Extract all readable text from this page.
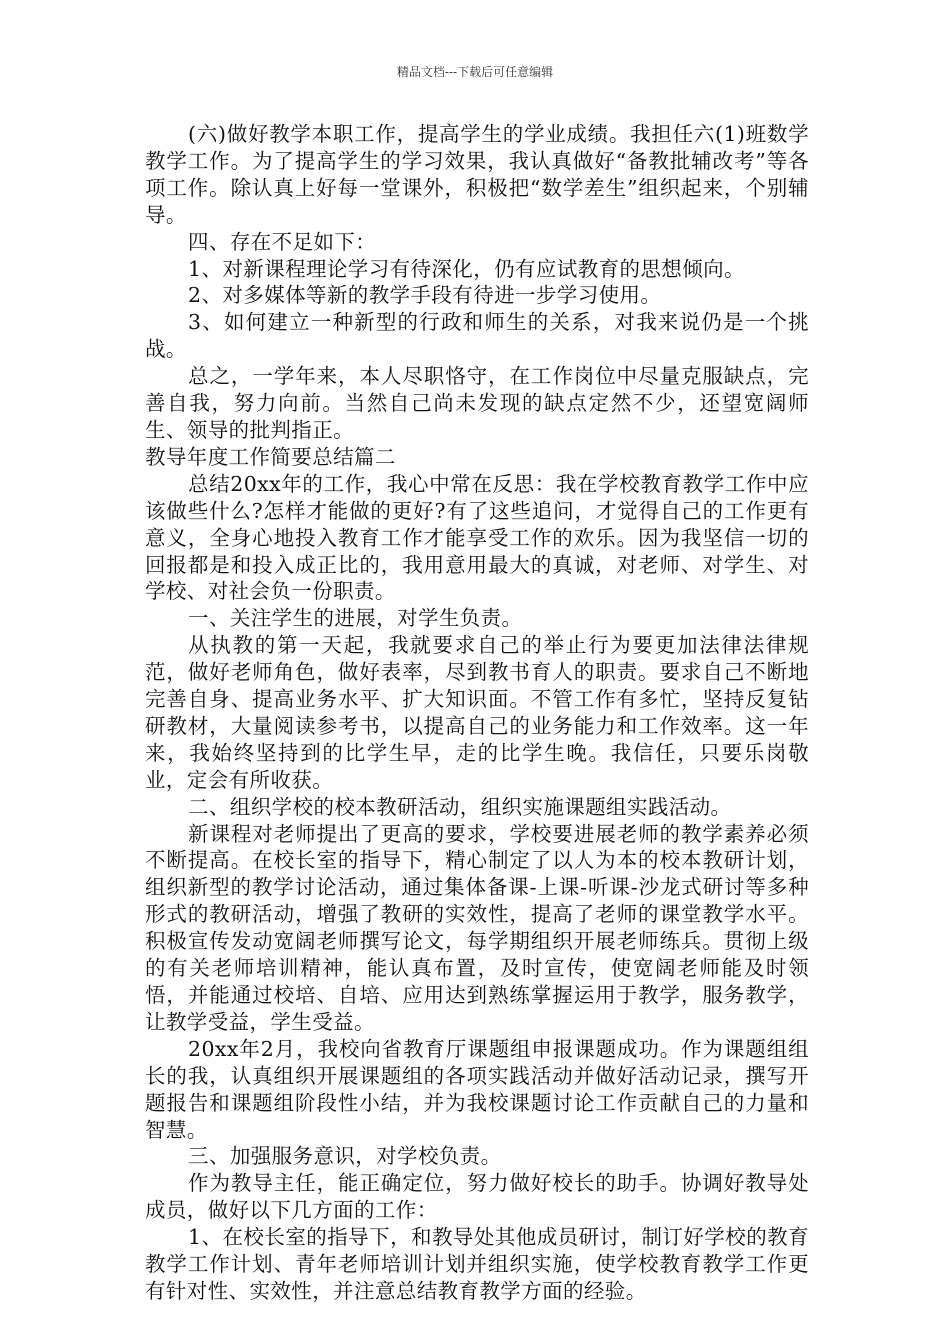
精品文档---下载后可任意编辑

(六)做好教学本职工作，提高学生的学业成绩。我担任六(1)班数学教学工作。为了提高学生的学习效果，我认真做好“备教批辅改考”等各项工作。除认真上好每一堂课外，积极把“数学差生”组织起来，个别辅导。

四、存在不足如下：

1、对新课程理论学习有待深化，仍有应试教育的思想倾向。

2、对多媒体等新的教学手段有待进一步学习使用。

3、如何建立一种新型的行政和师生的关系，对我来说仍是一个挑战。

总之，一学年来，本人尽职恪守，在工作岗位中尽量克服缺点，完善自我，努力向前。当然自己尚未发现的缺点定然不少，还望宽阔师生、领导的批判指正。

教导年度工作简要总结篇二

总结20xx年的工作，我心中常在反思：我在学校教育教学工作中应该做些什么?怎样才能做的更好?有了这些追问，才觉得自己的工作更有意义，全身心地投入教育工作才能享受工作的欢乐。因为我坚信一切的回报都是和投入成正比的，我用意用最大的真诚，对老师、对学生、对学校、对社会负一份职责。

一、关注学生的进展，对学生负责。

从执教的第一天起，我就要求自己的举止行为要更加法律法律规范，做好老师角色，做好表率，尽到教书育人的职责。要求自己不断地完善自身、提高业务水平、扩大知识面。不管工作有多忙，坚持反复钻研教材，大量阅读参考书，以提高自己的业务能力和工作效率。这一年来，我始终坚持到的比学生早，走的比学生晚。我信任，只要乐岗敬业，定会有所收获。

二、组织学校的校本教研活动，组织实施课题组实践活动。

新课程对老师提出了更高的要求，学校要进展老师的教学素养必须不断提高。在校长室的指导下，精心制定了以人为本的校本教研计划，组织新型的教学讨论活动，通过集体备课-上课-听课-沙龙式研讨等多种形式的教研活动，增强了教研的实效性，提高了老师的课堂教学水平。积极宣传发动宽阔老师撰写论文，每学期组织开展老师练兵。贯彻上级的有关老师培训精神，能认真布置，及时宣传，使宽阔老师能及时领悟，并能通过校培、自培、应用达到熟练掌握运用于教学，服务教学，让教学受益，学生受益。

20xx年2月，我校向省教育厅课题组申报课题成功。作为课题组组长的我，认真组织开展课题组的各项实践活动并做好活动记录，撰写开题报告和课题组阶段性小结，并为我校课题讨论工作贡献自己的力量和智慧。

三、加强服务意识，对学校负责。

作为教导主任，能正确定位，努力做好校长的助手。协调好教导处成员，做好以下几方面的工作：

1、在校长室的指导下，和教导处其他成员研讨，制订好学校的教育教学工作计划、青年老师培训计划并组织实施，使学校教育教学工作更有针对性、实效性，并注意总结教育教学方面的经验。
